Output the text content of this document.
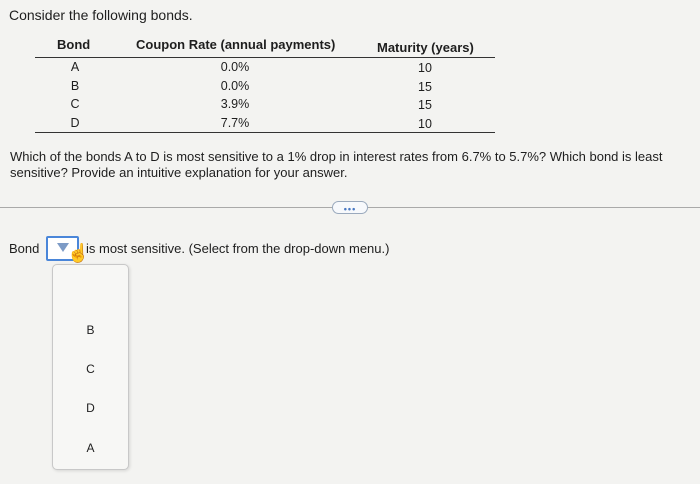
Consider the following bonds.
Bond	Coupon Rate (annual payments)	Maturity (years)
A	0.0%	10
B	0.0%	15
C	3.9%	15
D	7.7%	10
Which of the bonds A to D is most sensitive to a 1% drop in interest rates from 6.7% to 5.7%? Which bond is least sensitive? Provide an intuitive explanation for your answer.
•••
Bond ☝
is most sensitive. (Select from the drop-down menu.)
B
C
D
A
